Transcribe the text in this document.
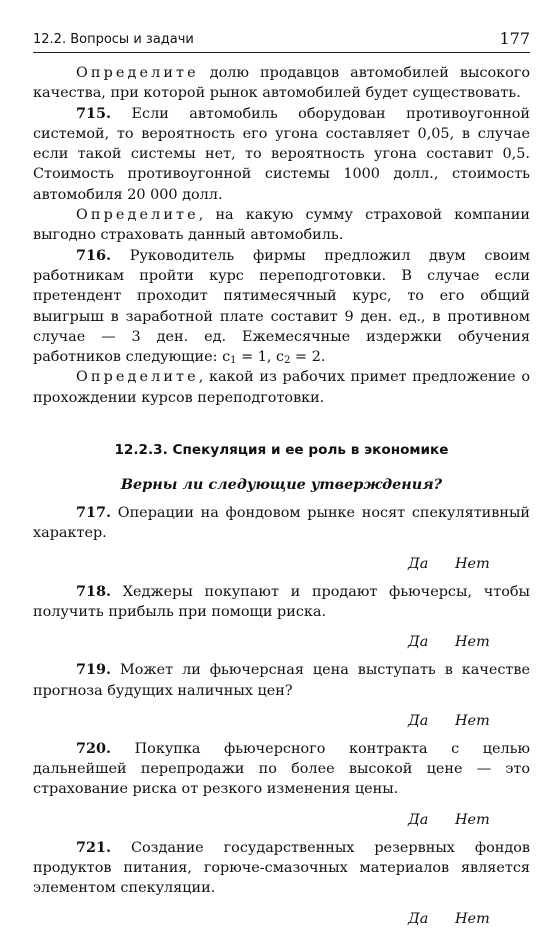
12.2. Вопросы и задачи	177

Определите долю продавцов автомобилей высокого качества, при которой рынок автомобилей будет существовать.

715. Если автомобиль оборудован противоугонной системой, то вероятность его угона составляет 0,05, в случае если такой системы нет, то вероятность угона составит 0,5. Стоимость противоугонной системы 1000 долл., стоимость автомобиля 20 000 долл.

Определите, на какую сумму страховой компании выгодно страховать данный автомобиль.

716. Руководитель фирмы предложил двум своим работникам пройти курс переподготовки. В случае если претендент проходит пятимесячный курс, то его общий выигрыш в заработной плате составит 9 ден. ед., в противном случае — 3 ден. ед. Ежемесячные издержки обучения работников следующие: $c_1 = 1$, $c_2 = 2$.

Определите, какой из рабочих примет предложение о прохождении курсов переподготовки.

12.2.3. Спекуляция и ее роль в экономике
Верны ли следующие утверждения?

717. Операции на фондовом рынке носят спекулятивный характер.

Да Нет

718. Хеджеры покупают и продают фьючерсы, чтобы получить прибыль при помощи риска.

Да Нет

719. Может ли фьючерсная цена выступать в качестве прогноза будущих наличных цен?

Да Нет

720. Покупка фьючерсного контракта с целью дальнейшей перепродажи по более высокой цене — это страхование риска от резкого изменения цены.

Да Нет

721. Создание государственных резервных фондов продуктов питания, горюче-смазочных материалов является элементом спекуляции.

Да Нет
